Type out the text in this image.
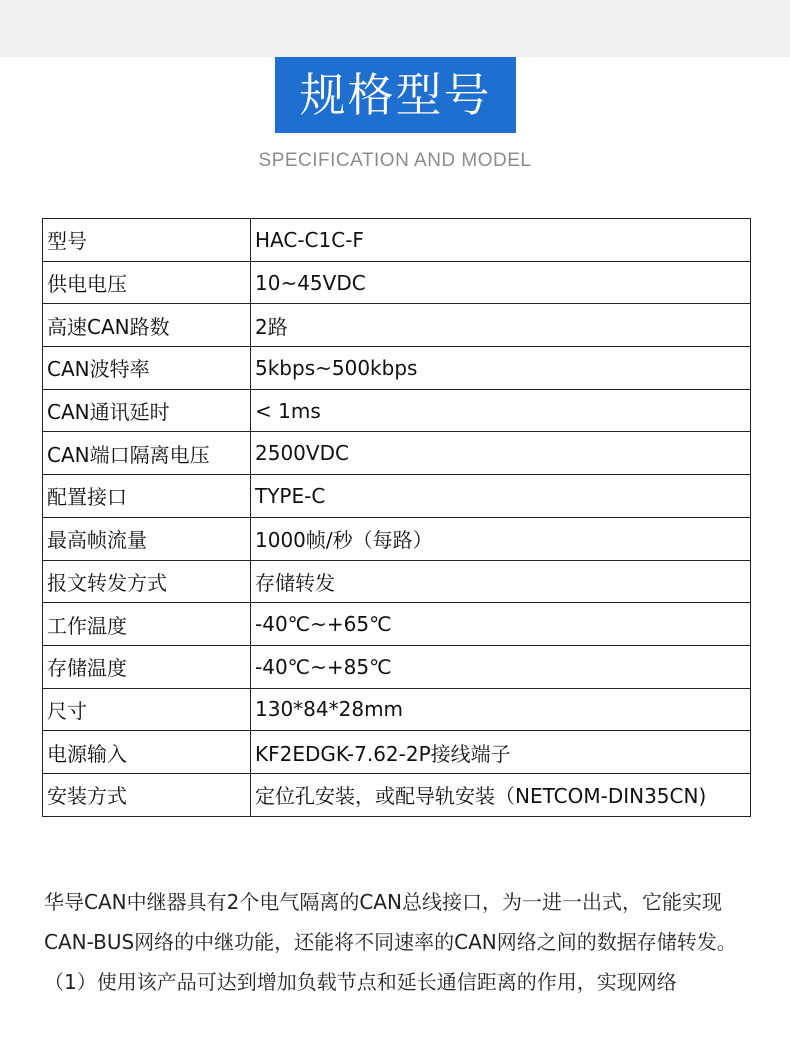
规格型号
SPECIFICATION AND MODEL
型号	HAC-C1C-F
供电电压	10~45VDC
高速CAN路数	2路
CAN波特率	5kbps~500kbps
CAN通讯延时	< 1ms
CAN端口隔离电压	2500VDC
配置接口	TYPE-C
最高帧流量	1000帧/秒（每路）
报文转发方式	存储转发
工作温度	-40℃~+65℃
存储温度	-40℃~+85℃
尺寸	130*84*28mm
电源输入	KF2EDGK-7.62-2P接线端子
安装方式	定位孔安装，或配导轨安装（NETCOM-DIN35CN)

华导CAN中继器具有2个电气隔离的CAN总线接口，为一进一出式，它能实现CAN-BUS网络的中继功能，还能将不同速率的CAN网络之间的数据存储转发。

（1）使用该产品可达到增加负载节点和延长通信距离的作用，实现网络
